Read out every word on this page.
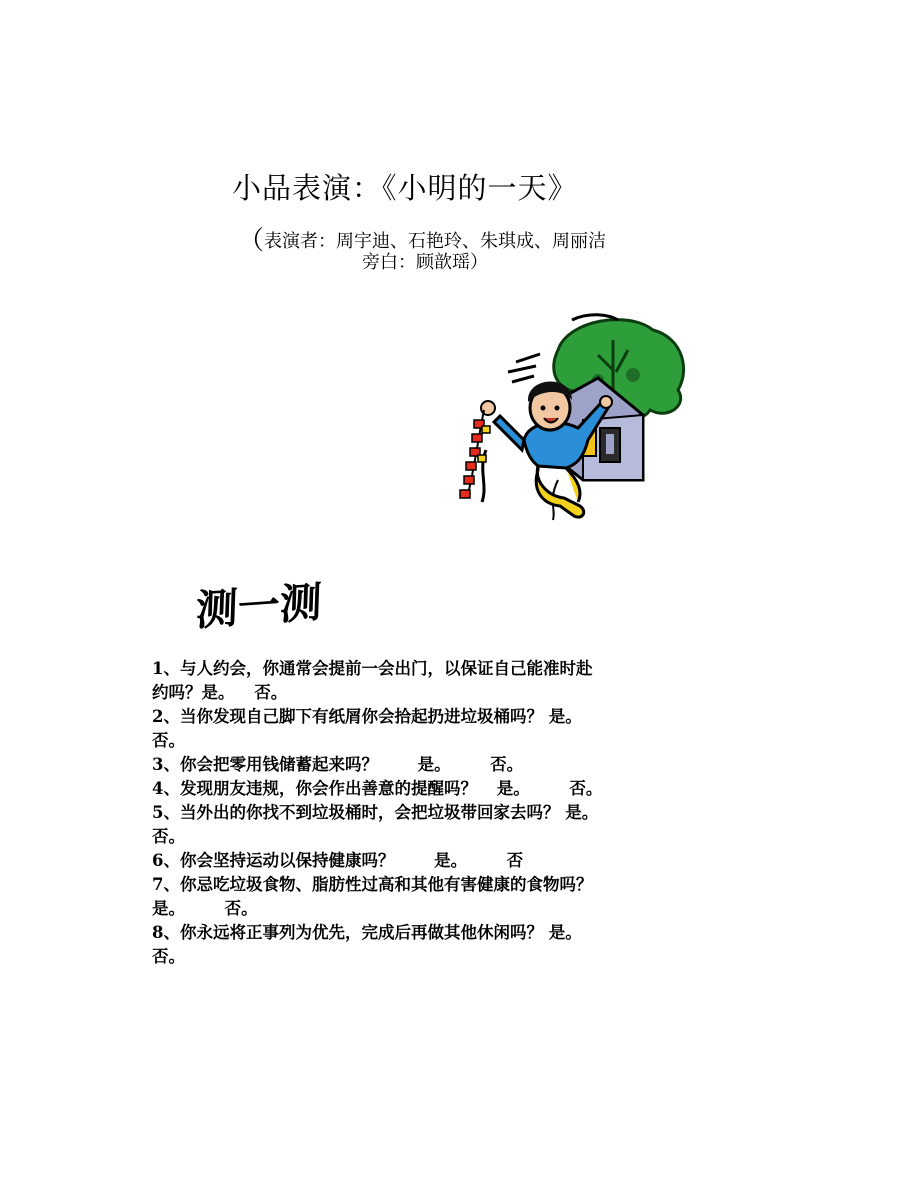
小品表演：《小明的一天》
（表演者：周宇迪、石艳玲、朱琪成、周丽洁
旁白：顾歆瑶）
测一测

1、与人约会，你通常会提前一会出门，以保证自己能准时赴
约吗？是。 否。

2、当你发现自己脚下有纸屑你会拾起扔进垃圾桶吗？ 是。
否。

3、你会把零用钱储蓄起来吗？ 是。 否。

4、发现朋友违规，你会作出善意的提醒吗？ 是。 否。

5、当外出的你找不到垃圾桶时，会把垃圾带回家去吗？ 是。
否。

6、你会坚持运动以保持健康吗？ 是。 否

7、你忌吃垃圾食物、脂肪性过高和其他有害健康的食物吗？
是。 否。

8、你永远将正事列为优先，完成后再做其他休闲吗？ 是。
否。
